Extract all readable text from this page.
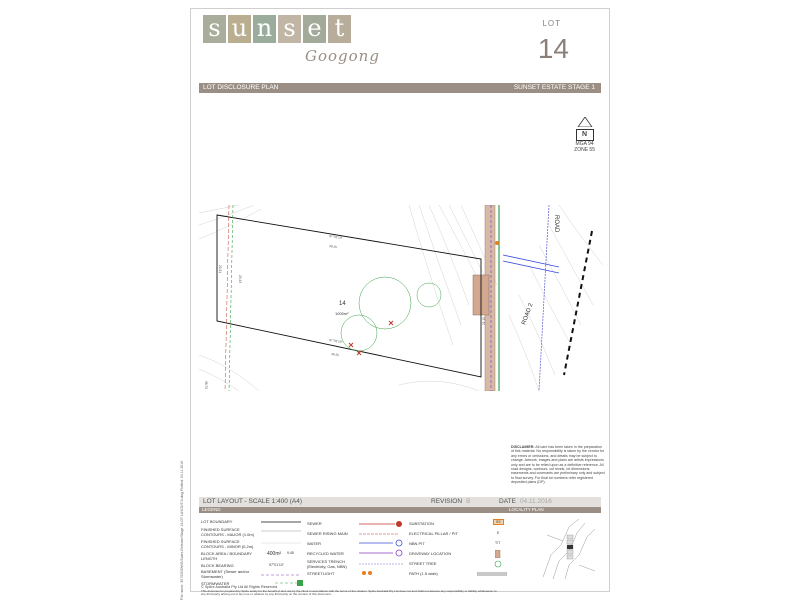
File name: 307920/DWG/Sales-Release/Stage 1/LOT LAYOUT/4.dwg Plotted: 04.11.2016
s u n s e t
Googong
LOT
14
LOT DISCLOSURE PLAN	SUNSET ESTATE STAGE 1
N
MGA 94
ZONE 55
14
1000m²
97°01'10"
49.25
97°01'10"
48.25
20.31
25.43
21.10
38.70
ROAD
ROAD 2
DISCLAIMER: All care has been taken in the preparation of this material. No responsibility is taken by the vendor for any errors or omissions, and details may be subject to change. Artwork, images and plans are artists impressions only and are to be relied upon as a definitive reference. All road designs, contours, cut levels, lot dimensions, easements and covenants are preliminary only and subject to final survey. For final lot numbers refer registered deposited plans (DP).
LOT LAYOUT - SCALE 1:400 (A4)	REVISION B	DATE 04.11.2016
LEGEND	LOCALITY PLAN
LOT BOUNDARY
FINISHED SURFACE CONTOURS - MAJOR (1.0m)
FINISHED SURFACE CONTOURS - MINOR (0.2m)
BLOCK AREA / BOUNDARY LENGTH
BLOCK BEARING
BASEMENT (Sewer and/or Stormwater)
STORMWATER
400m² 9.45
97°01'10"
SEWER
SEWER RISING MAIN
WATER
RECYCLED WATER
SERVICES TRENCH (Electricity, Gas, NBN)
STREETLIGHT
SUBSTATION
ELECTRICAL PILLAR / PIT
NBN PIT
DRIVEWAY LOCATION
STREET TREE
PATH (1.5 wide)
SS
E
T/T
© Spiire Australia Pty Ltd All Rights Reserved
This document is prepared by Spiire solely for the benefit of and use by the client in accordance with the terms of the retainer. Spiire Australia Pty Ltd does not and shall not assume any responsibility or liability whatsoever to any third party arising out of any use or reliance by any third party on the content of this document.
